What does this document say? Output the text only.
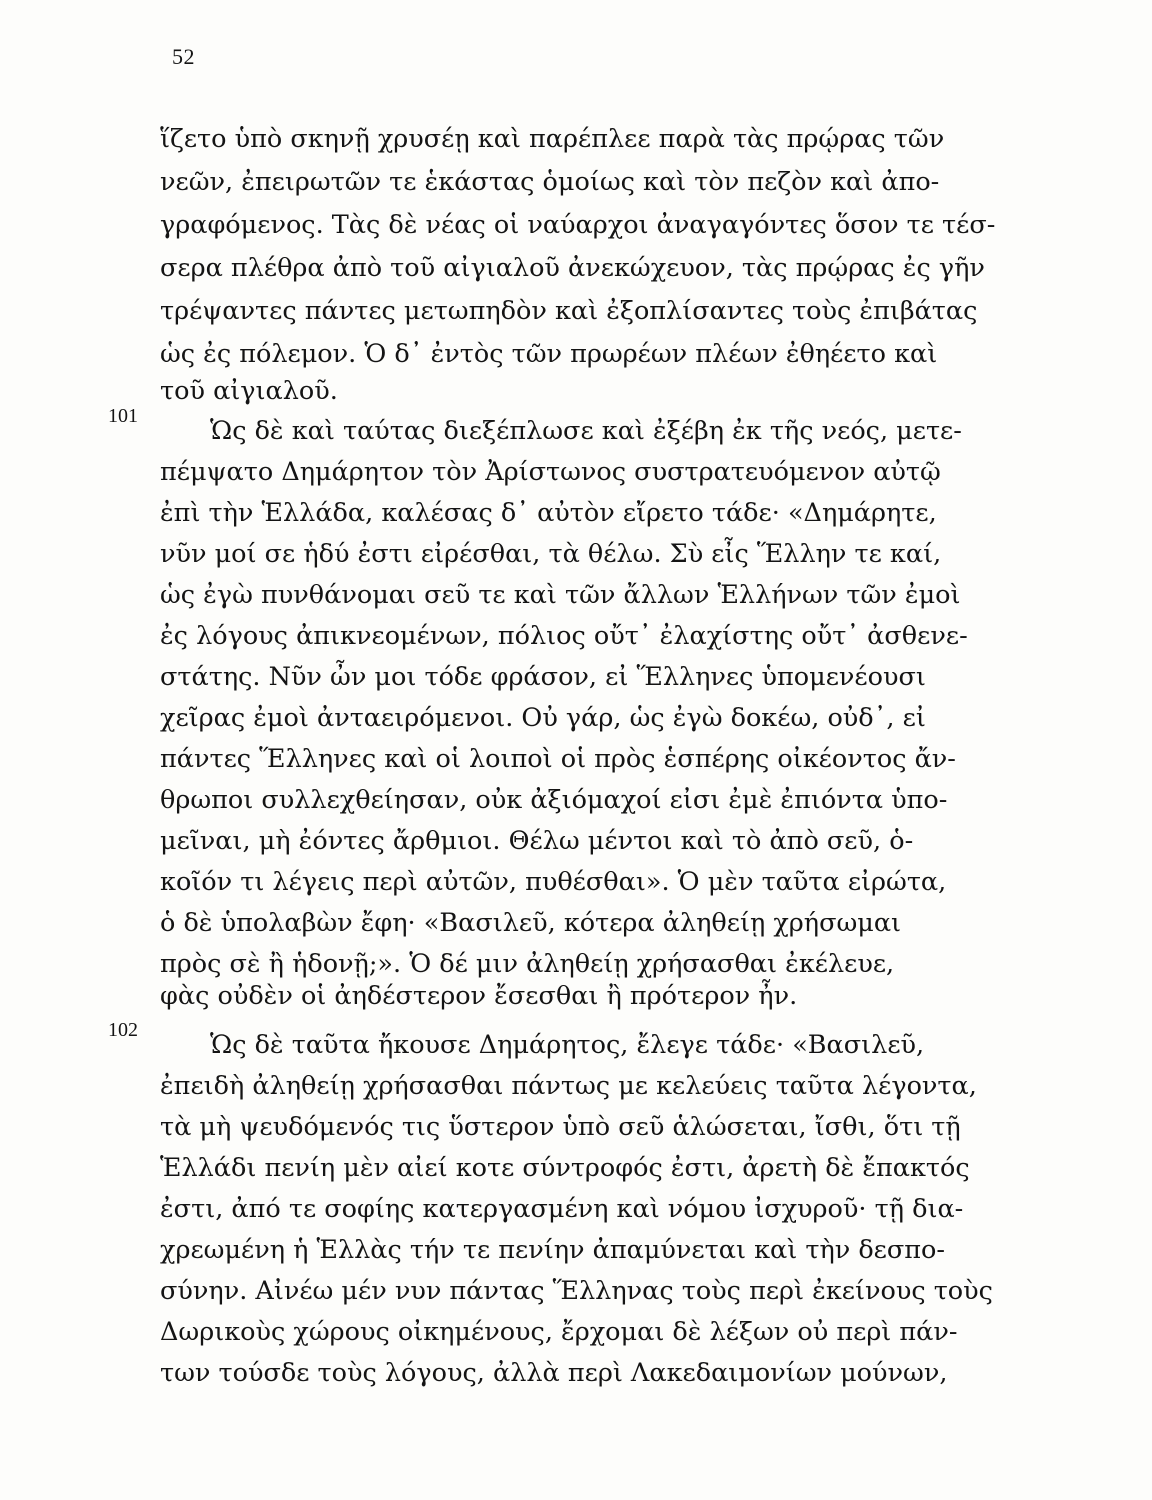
52
ἵζετο ὑπὸ σκηνῇ χρυσέῃ καὶ παρέπλεε παρὰ τὰς πρῴρας τῶν
νεῶν, ἐπειρωτῶν τε ἑκάστας ὁμοίως καὶ τὸν πεζὸν καὶ ἀπο-
γραφόμενος. Τὰς δὲ νέας οἱ ναύαρχοι ἀναγαγόντες ὅσον τε τέσ-
σερα πλέθρα ἀπὸ τοῦ αἰγιαλοῦ ἀνεκώχευον, τὰς πρῴρας ἐς γῆν
τρέψαντες πάντες μετωπηδὸν καὶ ἐξοπλίσαντες τοὺς ἐπιβάτας
ὡς ἐς πόλεμον. Ὁ δ᾽ ἐντὸς τῶν πρωρέων πλέων ἐθηέετο καὶ
τοῦ αἰγιαλοῦ.
101	Ὡς δὲ καὶ ταύτας διεξέπλωσε καὶ ἐξέβη ἐκ τῆς νεός, μετε-
πέμψατο Δημάρητον τὸν Ἀρίστωνος συστρατευόμενον αὐτῷ
ἐπὶ τὴν Ἑλλάδα, καλέσας δ᾽ αὐτὸν εἴρετο τάδε· «Δημάρητε,
νῦν μοί σε ἡδύ ἐστι εἰρέσθαι, τὰ θέλω. Σὺ εἶς Ἕλλην τε καί,
ὡς ἐγὼ πυνθάνομαι σεῦ τε καὶ τῶν ἄλλων Ἑλλήνων τῶν ἐμοὶ
ἐς λόγους ἀπικνεομένων, πόλιος οὔτ᾽ ἐλαχίστης οὔτ᾽ ἀσθενε-
στάτης. Νῦν ὦν μοι τόδε φράσον, εἰ Ἕλληνες ὑπομενέουσι
χεῖρας ἐμοὶ ἀνταειρόμενοι. Οὐ γάρ, ὡς ἐγὼ δοκέω, οὐδ᾽, εἰ
πάντες Ἕλληνες καὶ οἱ λοιποὶ οἱ πρὸς ἑσπέρης οἰκέοντος ἄν-
θρωποι συλλεχθείησαν, οὐκ ἀξιόμαχοί εἰσι ἐμὲ ἐπιόντα ὑπο-
μεῖναι, μὴ ἐόντες ἄρθμιοι. Θέλω μέντοι καὶ τὸ ἀπὸ σεῦ, ὁ-
κοῖόν τι λέγεις περὶ αὐτῶν, πυθέσθαι». Ὁ μὲν ταῦτα εἰρώτα,
ὁ δὲ ὑπολαβὼν ἔφη· «Βασιλεῦ, κότερα ἀληθείῃ χρήσωμαι
πρὸς σὲ ἢ ἡδονῇ;». Ὁ δέ μιν ἀληθείῃ χρήσασθαι ἐκέλευε,
φὰς οὐδὲν οἱ ἀηδέστερον ἔσεσθαι ἢ πρότερον ἦν.
102	Ὡς δὲ ταῦτα ἤκουσε Δημάρητος, ἔλεγε τάδε· «Βασιλεῦ,
ἐπειδὴ ἀληθείῃ χρήσασθαι πάντως με κελεύεις ταῦτα λέγοντα,
τὰ μὴ ψευδόμενός τις ὕστερον ὑπὸ σεῦ ἁλώσεται, ἴσθι, ὅτι τῇ
Ἑλλάδι πενίη μὲν αἰεί κοτε σύντροφός ἐστι, ἀρετὴ δὲ ἔπακτός
ἐστι, ἀπό τε σοφίης κατεργασμένη καὶ νόμου ἰσχυροῦ· τῇ δια-
χρεωμένη ἡ Ἑλλὰς τήν τε πενίην ἀπαμύνεται καὶ τὴν δεσπο-
σύνην. Αἰνέω μέν νυν πάντας Ἕλληνας τοὺς περὶ ἐκείνους τοὺς
Δωρικοὺς χώρους οἰκημένους, ἔρχομαι δὲ λέξων οὐ περὶ πάν-
των τούσδε τοὺς λόγους, ἀλλὰ περὶ Λακεδαιμονίων μούνων,
